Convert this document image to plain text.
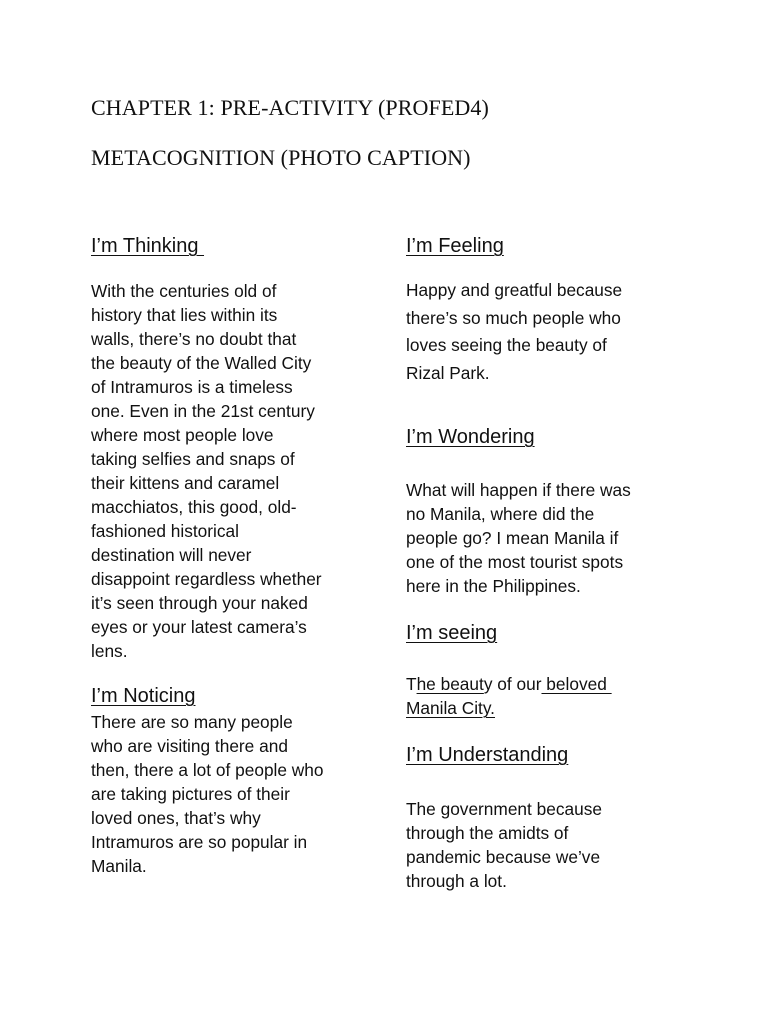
CHAPTER 1: PRE-ACTIVITY (PROFED4)
METACOGNITION (PHOTO CAPTION)
I’m Thinking
With the centuries old of
history that lies within its
walls, there’s no doubt that
the beauty of the Walled City
of Intramuros is a timeless
one. Even in the 21st century
where most people love
taking selfies and snaps of
their kittens and caramel
macchiatos, this good, old-
fashioned historical
destination will never
disappoint regardless whether
it’s seen through your naked
eyes or your latest camera’s
lens.
I’m Noticing
There are so many people
who are visiting there and
then, there a lot of people who
are taking pictures of their
loved ones, that’s why
Intramuros are so popular in
Manila.
I’m Feeling
Happy and greatful because
there’s so much people who
loves seeing the beauty of
Rizal Park.
I’m Wondering
What will happen if there was
no Manila, where did the
people go? I mean Manila if
one of the most tourist spots
here in the Philippines.
I’m seeing
The beauty of our beloved
Manila City.
I’m Understanding
The government because
through the amidts of
pandemic because we’ve
through a lot.
